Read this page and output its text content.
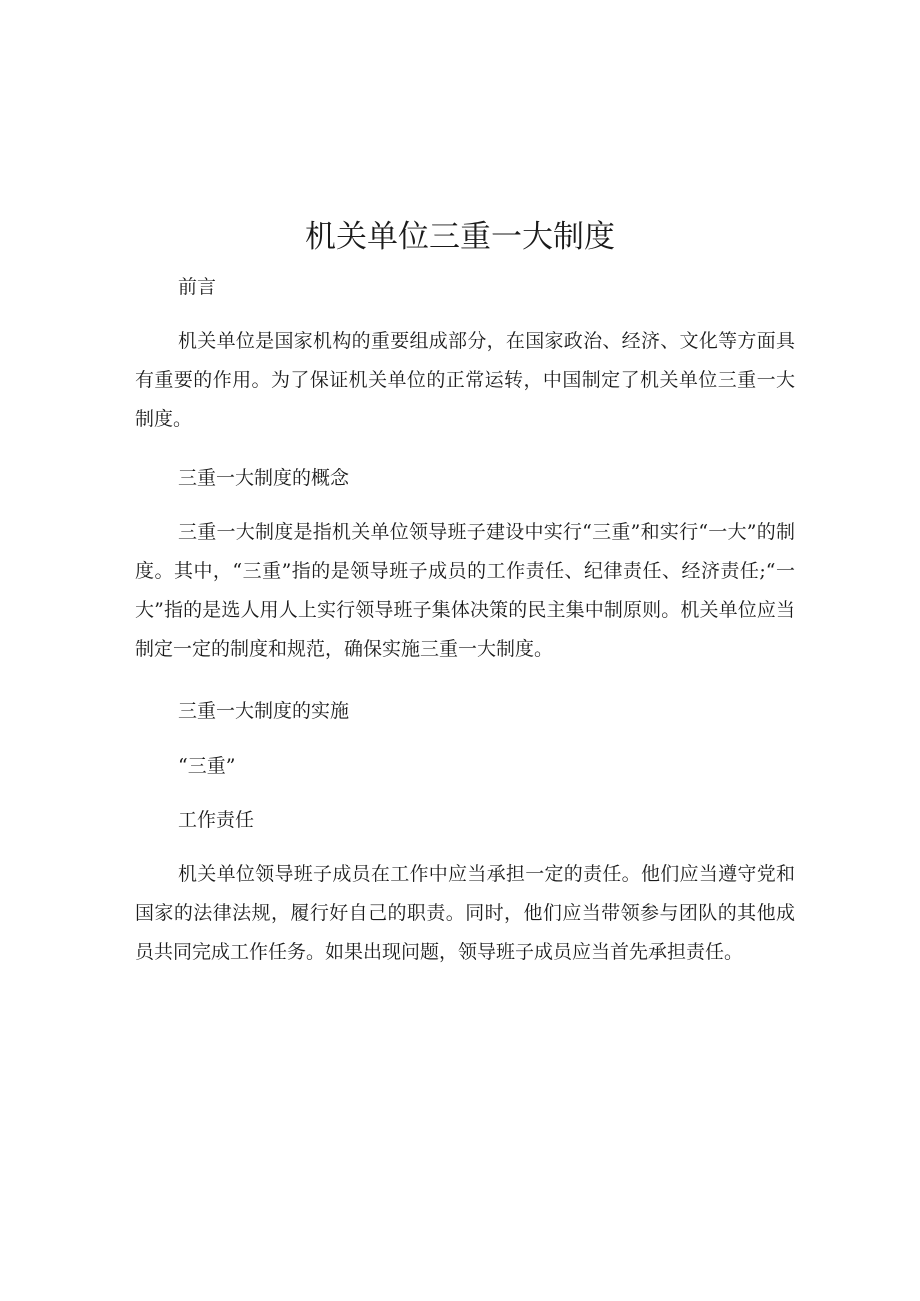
机关单位三重一大制度

前言

机关单位是国家机构的重要组成部分，在国家政治、经济、文化等方面具有重要的作用。为了保证机关单位的正常运转，中国制定了机关单位三重一大制度。

三重一大制度的概念

三重一大制度是指机关单位领导班子建设中实行“三重”和实行“一大”的制度。其中，“三重”指的是领导班子成员的工作责任、纪律责任、经济责任;“一大”指的是选人用人上实行领导班子集体决策的民主集中制原则。机关单位应当制定一定的制度和规范，确保实施三重一大制度。

三重一大制度的实施

“三重”

工作责任

机关单位领导班子成员在工作中应当承担一定的责任。他们应当遵守党和国家的法律法规，履行好自己的职责。同时，他们应当带领参与团队的其他成员共同完成工作任务。如果出现问题，领导班子成员应当首先承担责任。
